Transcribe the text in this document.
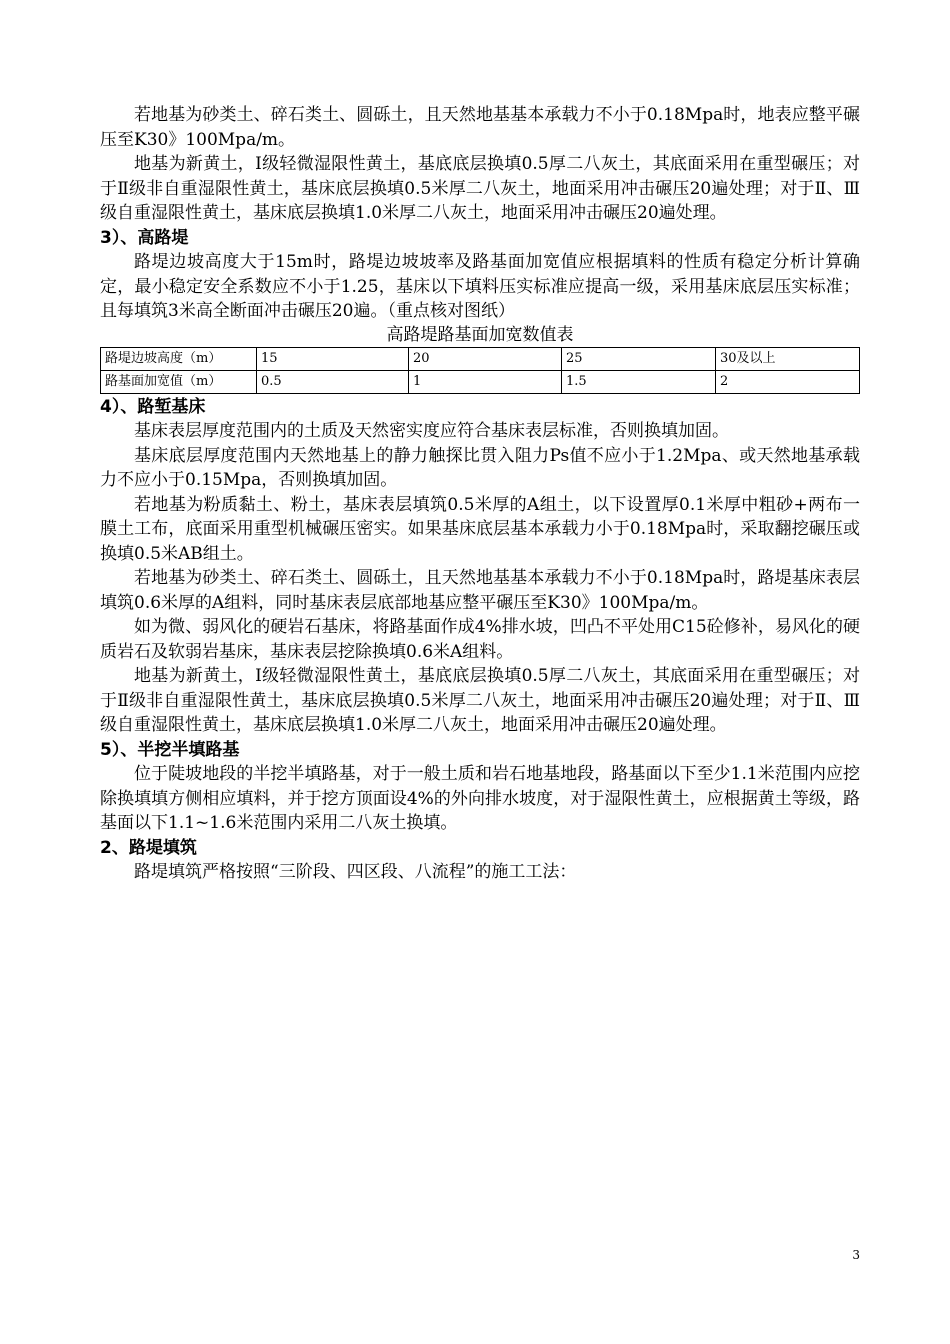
若地基为砂类土、碎石类土、圆砾土，且天然地基基本承载力不小于0.18Mpa时，地表应整平碾压至K30》100Mpa/m。

地基为新黄土，Ⅰ级轻微湿限性黄土，基底底层换填0.5厚二八灰土，其底面采用在重型碾压；对于Ⅱ级非自重湿限性黄土，基床底层换填0.5米厚二八灰土，地面采用冲击碾压20遍处理；对于Ⅱ、Ⅲ级自重湿限性黄土，基床底层换填1.0米厚二八灰土，地面采用冲击碾压20遍处理。

3）、高路堤

路堤边坡高度大于15m时，路堤边坡坡率及路基面加宽值应根据填料的性质有稳定分析计算确定，最小稳定安全系数应不小于1.25，基床以下填料压实标准应提高一级，采用基床底层压实标准；且每填筑3米高全断面冲击碾压20遍。（重点核对图纸）

高路堤路基面加宽数值表
路堤边坡高度（m）	15	20	25	30及以上
路基面加宽值（m）	0.5	1	1.5	2
4）、路堑基床

基床表层厚度范围内的土质及天然密实度应符合基床表层标准，否则换填加固。

基床底层厚度范围内天然地基上的静力触探比贯入阻力Ps值不应小于1.2Mpa、或天然地基承载力不应小于0.15Mpa，否则换填加固。

若地基为粉质黏土、粉土，基床表层填筑0.5米厚的A组土，以下设置厚0.1米厚中粗砂+两布一膜土工布，底面采用重型机械碾压密实。如果基床底层基本承载力小于0.18Mpa时，采取翻挖碾压或换填0.5米AB组土。

若地基为砂类土、碎石类土、圆砾土，且天然地基基本承载力不小于0.18Mpa时，路堤基床表层填筑0.6米厚的A组料，同时基床表层底部地基应整平碾压至K30》100Mpa/m。

如为微、弱风化的硬岩石基床，将路基面作成4%排水坡，凹凸不平处用C15砼修补，易风化的硬质岩石及软弱岩基床，基床表层挖除换填0.6米A组料。

地基为新黄土，Ⅰ级轻微湿限性黄土，基底底层换填0.5厚二八灰土，其底面采用在重型碾压；对于Ⅱ级非自重湿限性黄土，基床底层换填0.5米厚二八灰土，地面采用冲击碾压20遍处理；对于Ⅱ、Ⅲ级自重湿限性黄土，基床底层换填1.0米厚二八灰土，地面采用冲击碾压20遍处理。

5）、半挖半填路基

位于陡坡地段的半挖半填路基，对于一般土质和岩石地基地段，路基面以下至少1.1米范围内应挖除换填填方侧相应填料，并于挖方顶面设4%的外向排水坡度，对于湿限性黄土，应根据黄土等级，路基面以下1.1~1.6米范围内采用二八灰土换填。

2、路堤填筑

路堤填筑严格按照“三阶段、四区段、八流程”的施工工法：

3
